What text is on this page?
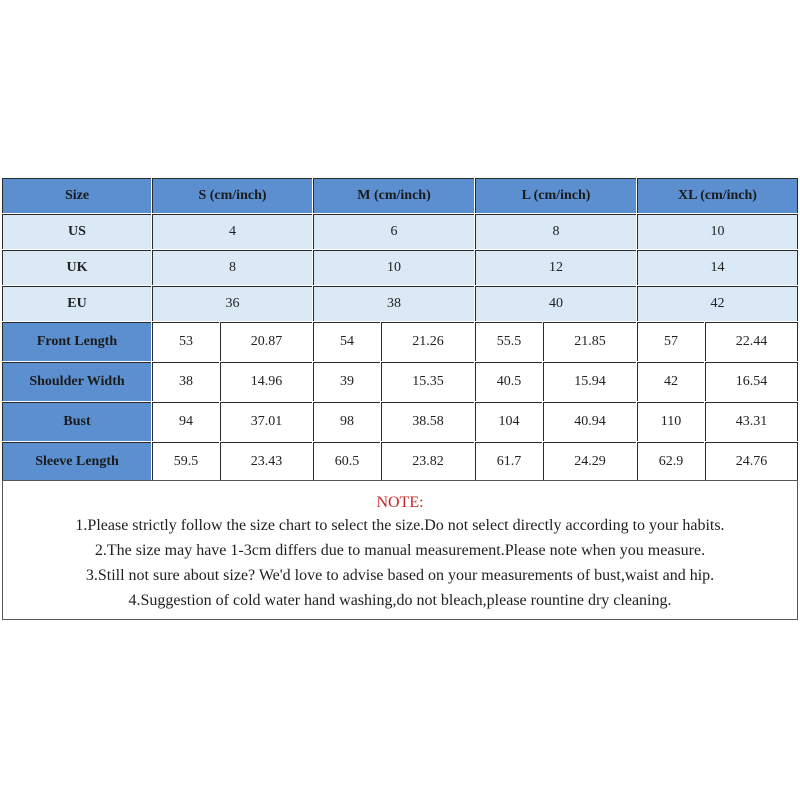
Size	S (cm/inch)	M (cm/inch)	L (cm/inch)	XL (cm/inch)
US	4	6	8	10
UK	8	10	12	14
EU	36	38	40	42
Front Length	53	20.87	54	21.26	55.5	21.85	57	22.44
Shoulder Width	38	14.96	39	15.35	40.5	15.94	42	16.54
Bust	94	37.01	98	38.58	104	40.94	110	43.31
Sleeve Length	59.5	23.43	60.5	23.82	61.7	24.29	62.9	24.76
NOTE:
1.Please strictly follow the size chart to select the size.Do not select directly according to your habits.
2.The size may have 1-3cm differs due to manual measurement.Please note when you measure.
3.Still not sure about size? We'd love to advise based on your measurements of bust,waist and hip.
4.Suggestion of cold water hand washing,do not bleach,please rountine dry cleaning.
